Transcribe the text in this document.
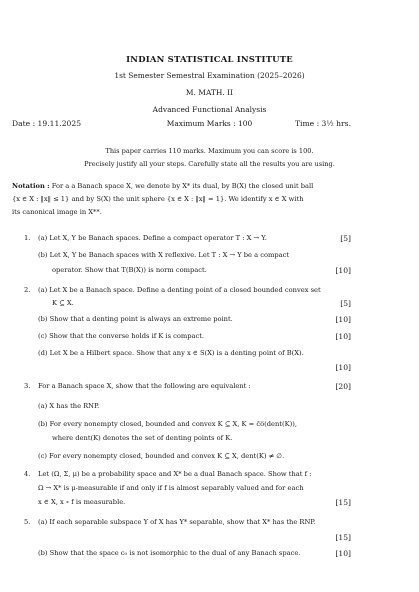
INDIAN STATISTICAL INSTITUTE
1st Semester Semestral Examination (2025–2026)
M. MATH. II
Advanced Functional Analysis
Date : 19.11.2025	Maximum Marks : 100	Time : 3½ hrs.
This paper carries 110 marks. Maximum you can score is 100.
Precisely justify all your steps. Carefully state all the results you are using.
Notation : For a a Banach space X, we denote by X* its dual, by B(X) the closed unit ball
{x ∈ X : ‖x‖ ≤ 1} and by S(X) the unit sphere {x ∈ X : ‖x‖ = 1}. We identify x ∈ X with
its canonical image in X**.
1. (a) Let X, Y be Banach spaces. Define a compact operator T : X → Y.	[5]
(b) Let X, Y be Banach spaces with X reflexive. Let T : X → Y be a compact
operator. Show that T(B(X)) is norm compact.	[10]
2. (a) Let X be a Banach space. Define a denting point of a closed bounded convex set
K ⊆ X.	[5]
(b) Show that a denting point is always an extreme point.	[10]
(c) Show that the converse holds if K is compact.	[10]
(d) Let X be a Hilbert space. Show that any x ∈ S(X) is a denting point of B(X).
[10]
3. For a Banach space X, show that the following are equivalent :	[20]
(a) X has the RNP.
(b) For every nonempty closed, bounded and convex K ⊆ X, K = c̄o̅(dent(K)),
where dent(K) denotes the set of denting points of K.
(c) For every nonempty closed, bounded and convex K ⊆ X, dent(K) ≠ ∅.
4. Let (Ω, Σ, μ) be a probability space and X* be a dual Banach space. Show that f :
Ω → X* is μ-measurable if and only if f is almost separably valued and for each
x ∈ X, x ∘ f is measurable.	[15]
5. (a) If each separable subspace Y of X has Y* separable, show that X* has the RNP.
[15]
(b) Show that the space c₀ is not isomorphic to the dual of any Banach space.	[10]
